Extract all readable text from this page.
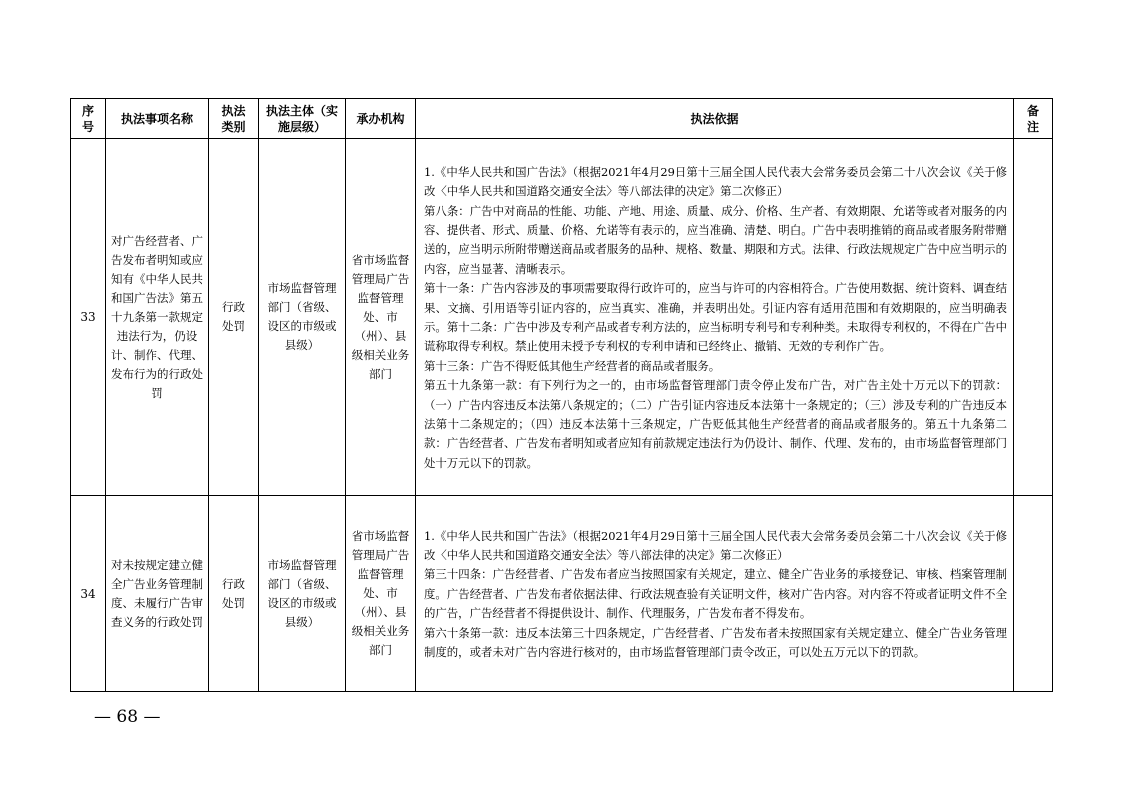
序号	执法事项名称	执法类别	执法主体（实施层级）	承办机构	执法依据	备注
33	对广告经营者、广告发布者明知或应知有《中华人民共和国广告法》第五十九条第一款规定违法行为，仍设计、制作、代理、发布行为的行政处罚	行政处罚	市场监督管理部门（省级、设区的市级或县级）	省市场监督管理局广告监督管理处、市（州）、县级相关业务部门	1.《中华人民共和国广告法》（根据2021年4月29日第十三届全国人民代表大会常务委员会第二十八次会议《关于修改〈中华人民共和国道路交通安全法〉等八部法律的决定》第二次修正）

第八条：广告中对商品的性能、功能、产地、用途、质量、成分、价格、生产者、有效期限、允诺等或者对服务的内容、提供者、形式、质量、价格、允诺等有表示的，应当准确、清楚、明白。广告中表明推销的商品或者服务附带赠送的，应当明示所附带赠送商品或者服务的品种、规格、数量、期限和方式。法律、行政法规规定广告中应当明示的内容，应当显著、清晰表示。

第十一条：广告内容涉及的事项需要取得行政许可的，应当与许可的内容相符合。广告使用数据、统计资料、调查结果、文摘、引用语等引证内容的，应当真实、准确，并表明出处。引证内容有适用范围和有效期限的，应当明确表示。第十二条：广告中涉及专利产品或者专利方法的，应当标明专利号和专利种类。未取得专利权的，不得在广告中谎称取得专利权。禁止使用未授予专利权的专利申请和已经终止、撤销、无效的专利作广告。

第十三条：广告不得贬低其他生产经营者的商品或者服务。

第五十九条第一款：有下列行为之一的，由市场监督管理部门责令停止发布广告，对广告主处十万元以下的罚款：（一）广告内容违反本法第八条规定的；（二）广告引证内容违反本法第十一条规定的；（三）涉及专利的广告违反本法第十二条规定的；（四）违反本法第十三条规定，广告贬低其他生产经营者的商品或者服务的。第五十九条第二款：广告经营者、广告发布者明知或者应知有前款规定违法行为仍设计、制作、代理、发布的，由市场监督管理部门处十万元以下的罚款。	

34	对未按规定建立健全广告业务管理制度、未履行广告审查义务的行政处罚	行政处罚	市场监督管理部门（省级、设区的市级或县级）	省市场监督管理局广告监督管理处、市（州）、县级相关业务部门	1.《中华人民共和国广告法》（根据2021年4月29日第十三届全国人民代表大会常务委员会第二十八次会议《关于修改〈中华人民共和国道路交通安全法〉等八部法律的决定》第二次修正）

第三十四条：广告经营者、广告发布者应当按照国家有关规定，建立、健全广告业务的承接登记、审核、档案管理制度。广告经营者、广告发布者依据法律、行政法规查验有关证明文件，核对广告内容。对内容不符或者证明文件不全的广告，广告经营者不得提供设计、制作、代理服务，广告发布者不得发布。

第六十条第一款：违反本法第三十四条规定，广告经营者、广告发布者未按照国家有关规定建立、健全广告业务管理制度的，或者未对广告内容进行核对的，由市场监督管理部门责令改正，可以处五万元以下的罚款。	

— 68 —
